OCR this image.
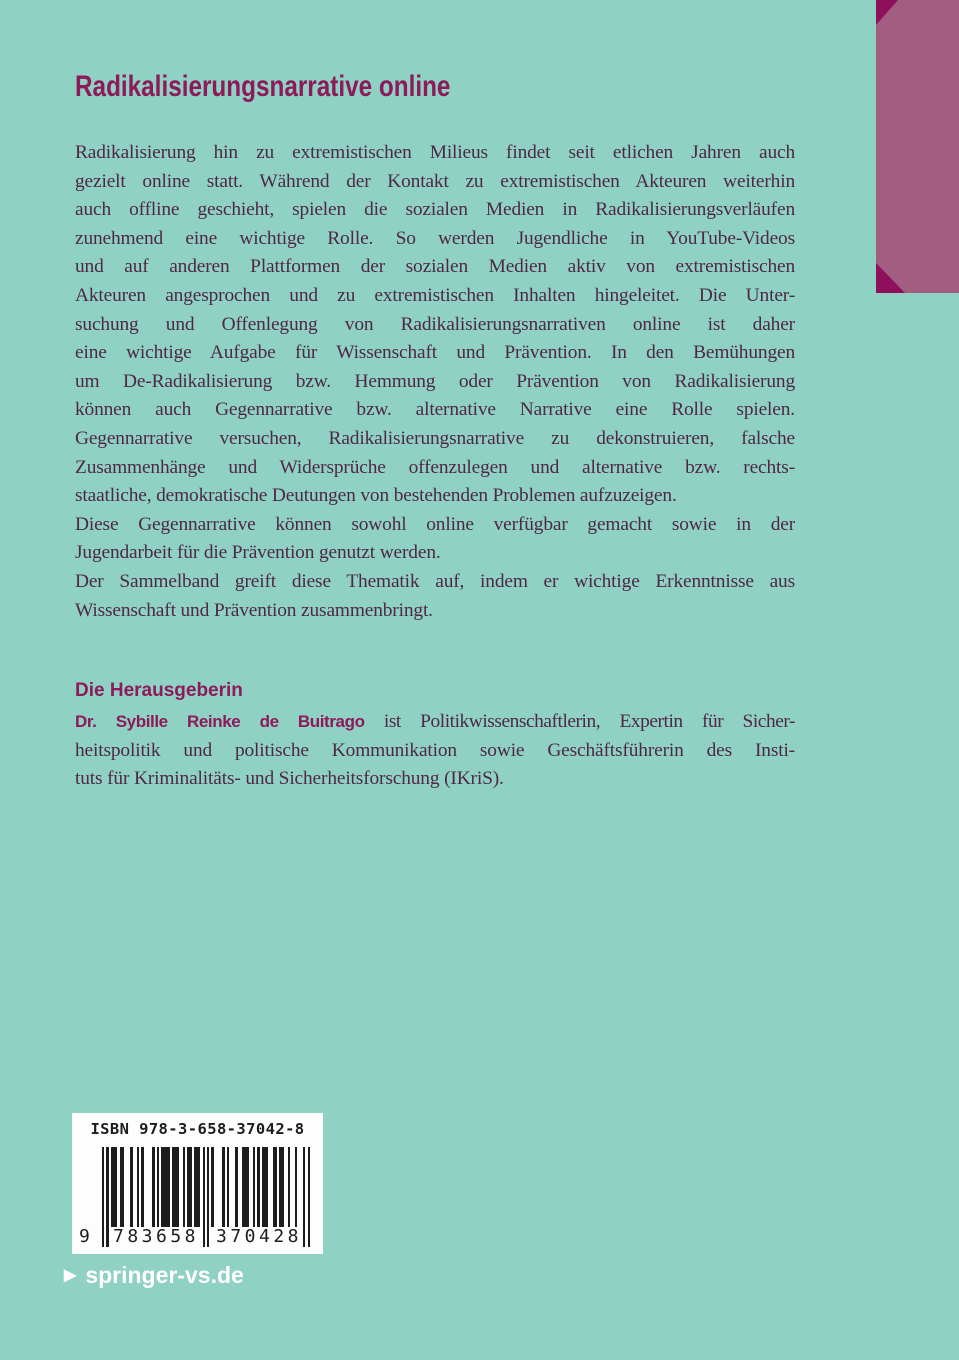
Radikalisierungsnarrative online
Radikalisierung hin zu extremistischen Milieus findet seit etlichen Jahren auch
gezielt online statt. Während der Kontakt zu extremistischen Akteuren weiterhin
auch offline geschieht, spielen die sozialen Medien in Radikalisierungsverläufen
zunehmend eine wichtige Rolle. So werden Jugendliche in YouTube-Videos
und auf anderen Plattformen der sozialen Medien aktiv von extremistischen
Akteuren angesprochen und zu extremistischen Inhalten hingeleitet. Die Unter-
suchung und Offenlegung von Radikalisierungsnarrativen online ist daher
eine wichtige Aufgabe für Wissenschaft und Prävention. In den Bemühungen
um De-Radikalisierung bzw. Hemmung oder Prävention von Radikalisierung
können auch Gegennarrative bzw. alternative Narrative eine Rolle spielen.
Gegennarrative versuchen, Radikalisierungsnarrative zu dekonstruieren, falsche
Zusammenhänge und Widersprüche offenzulegen und alternative bzw. rechts-
staatliche, demokratische Deutungen von bestehenden Problemen aufzuzeigen.
Diese Gegennarrative können sowohl online verfügbar gemacht sowie in der
Jugendarbeit für die Prävention genutzt werden.
Der Sammelband greift diese Thematik auf, indem er wichtige Erkenntnisse aus
Wissenschaft und Prävention zusammenbringt.
Die Herausgeberin
Dr. Sybille Reinke de Buitrago ist Politikwissenschaftlerin, Expertin für Sicher-
heitspolitik und politische Kommunikation sowie Geschäftsführerin des Insti-
tuts für Kriminalitäts- und Sicherheitsforschung (IKriS).
ISBN 978-3-658-37042-8
9 783658 370428
▶ springer-vs.de
